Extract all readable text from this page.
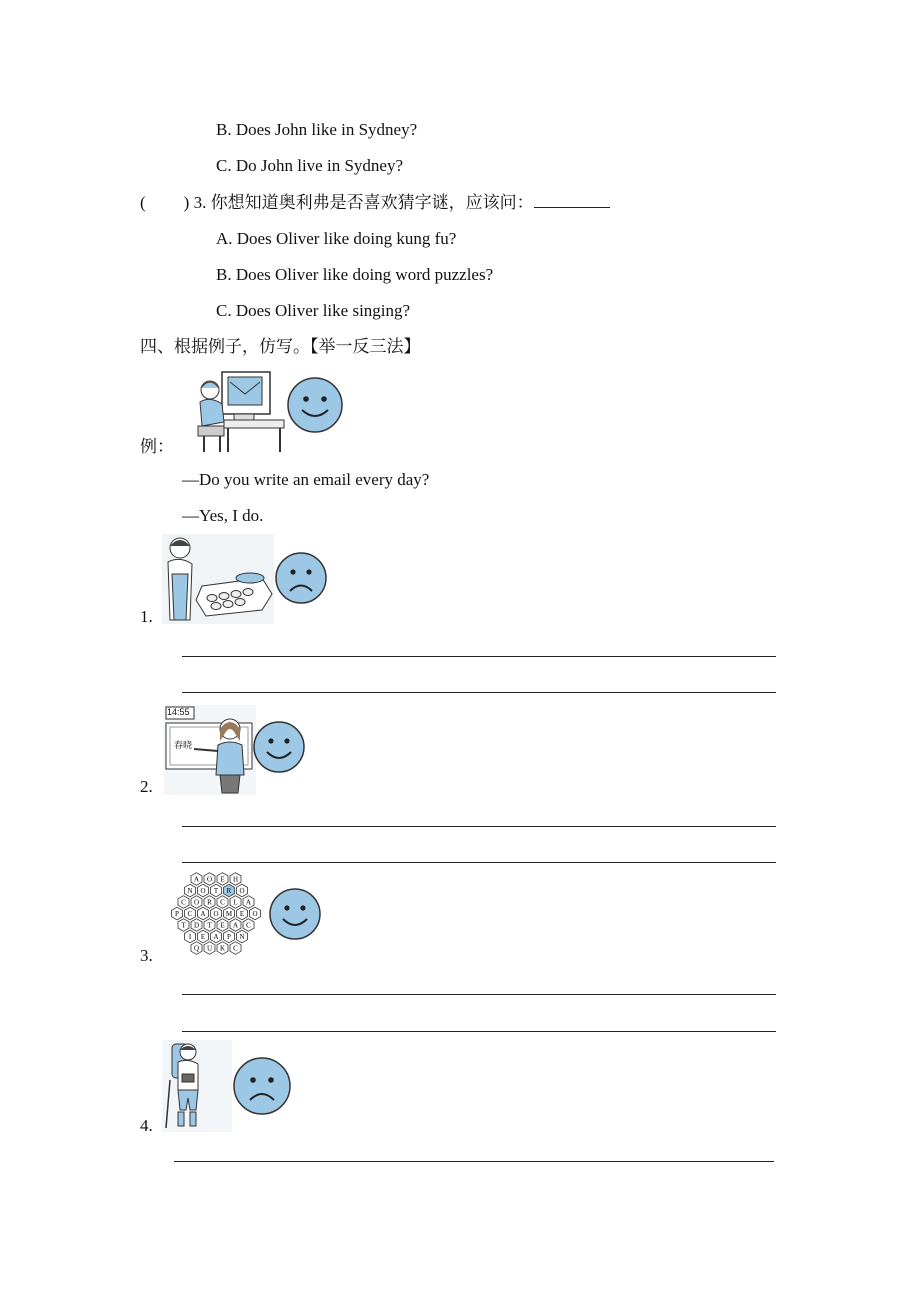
B. Does John like in Sydney?
C. Do John live in Sydney?
( ) 3. 你想知道奥利弗是否喜欢猜字谜，应该问：
A. Does Oliver like doing kung fu?
B. Does Oliver like doing word puzzles?
C. Does Oliver like singing?
四、根据例子，仿写。【举一反三法】
例：
—Do you write an email every day?
—Yes, I do.
1.
14:55
春晓
2.
A O E H
N O T R O
C O R C L A
P C A O M E O
T D T E A C
I E A P N
Q U K C
3.
4.
